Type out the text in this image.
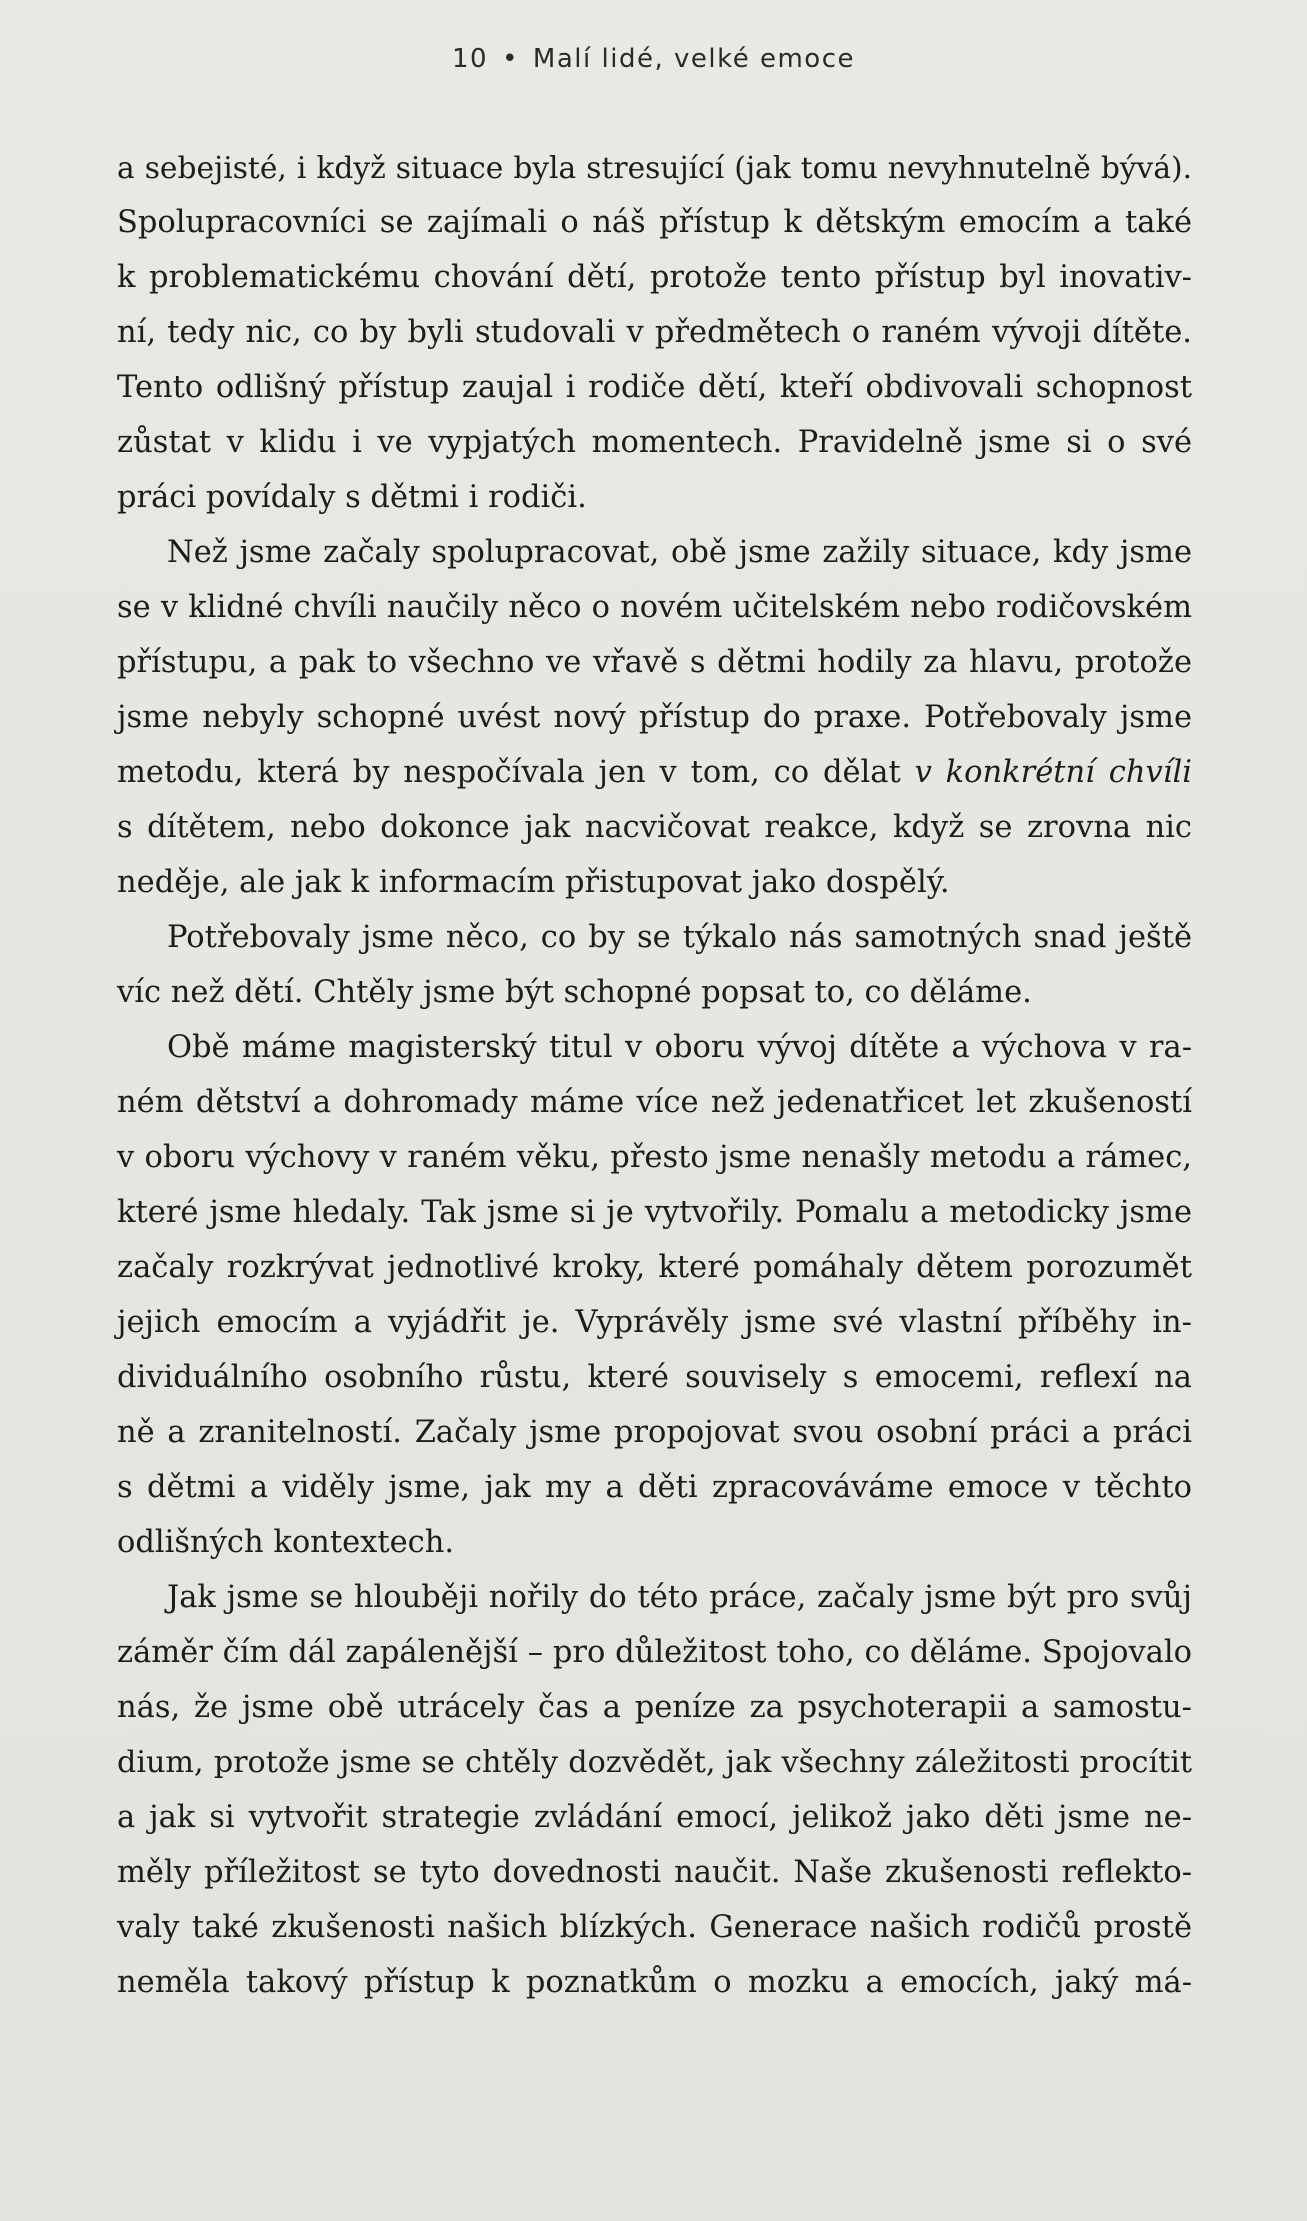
10 • Malí lidé, velké emoce
a sebejisté, i když situace byla stresující (jak tomu nevyhnutelně bývá).
Spolupracovníci se zajímali o náš přístup k dětským emocím a také
k problematickému chování dětí, protože tento přístup byl inovativ-
ní, tedy nic, co by byli studovali v předmětech o raném vývoji dítěte.
Tento odlišný přístup zaujal i rodiče dětí, kteří obdivovali schopnost
zůstat v klidu i ve vypjatých momentech. Pravidelně jsme si o své
práci povídaly s dětmi i rodiči.
Než jsme začaly spolupracovat, obě jsme zažily situace, kdy jsme
se v klidné chvíli naučily něco o novém učitelském nebo rodičovském
přístupu, a pak to všechno ve vřavě s dětmi hodily za hlavu, protože
jsme nebyly schopné uvést nový přístup do praxe. Potřebovaly jsme
metodu, která by nespočívala jen v tom, co dělat v konkrétní chvíli
s dítětem, nebo dokonce jak nacvičovat reakce, když se zrovna nic
neděje, ale jak k informacím přistupovat jako dospělý.
Potřebovaly jsme něco, co by se týkalo nás samotných snad ještě
víc než dětí. Chtěly jsme být schopné popsat to, co děláme.
Obě máme magisterský titul v oboru vývoj dítěte a výchova v ra-
ném dětství a dohromady máme více než jedenatřicet let zkušeností
v oboru výchovy v raném věku, přesto jsme nenašly metodu a rámec,
které jsme hledaly. Tak jsme si je vytvořily. Pomalu a metodicky jsme
začaly rozkrývat jednotlivé kroky, které pomáhaly dětem porozumět
jejich emocím a vyjádřit je. Vyprávěly jsme své vlastní příběhy in-
dividuálního osobního růstu, které souvisely s emocemi, reflexí na
ně a zranitelností. Začaly jsme propojovat svou osobní práci a práci
s dětmi a viděly jsme, jak my a děti zpracováváme emoce v těchto
odlišných kontextech.
Jak jsme se hlouběji nořily do této práce, začaly jsme být pro svůj
záměr čím dál zapálenější – pro důležitost toho, co děláme. Spojovalo
nás, že jsme obě utrácely čas a peníze za psychoterapii a samostu-
dium, protože jsme se chtěly dozvědět, jak všechny záležitosti procítit
a jak si vytvořit strategie zvládání emocí, jelikož jako děti jsme ne-
měly příležitost se tyto dovednosti naučit. Naše zkušenosti reflekto-
valy také zkušenosti našich blízkých. Generace našich rodičů prostě
neměla takový přístup k poznatkům o mozku a emocích, jaký má-
